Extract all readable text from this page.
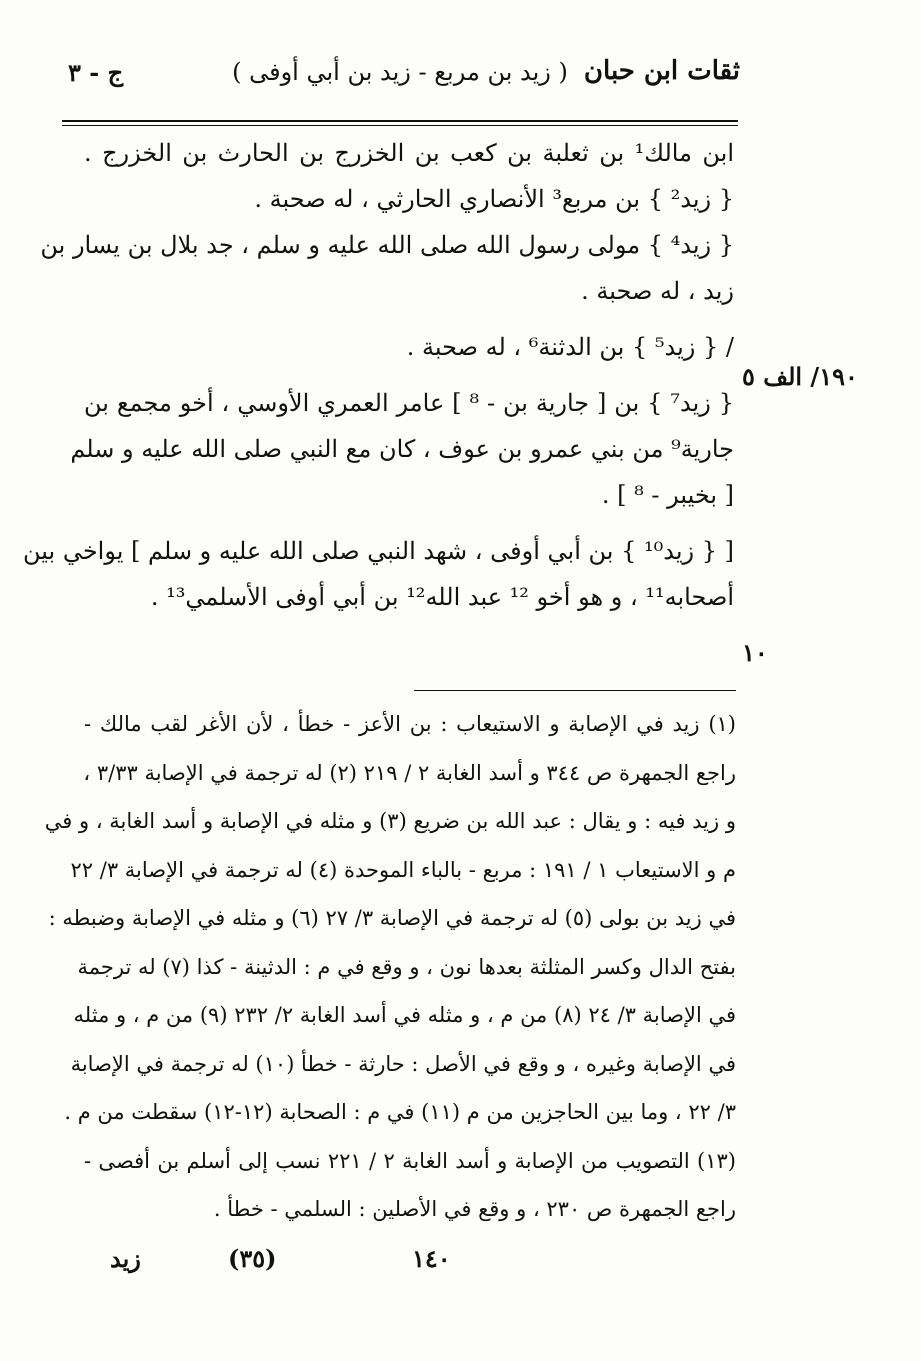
ثقات ابن حبان
( زيد بن مربع - زيد بن أبي أوفى )
ج - ٣
ابن مالك¹ بن ثعلبة بن كعب بن الخزرج بن الحارث بن الخزرج .
{ زيد² } بن مربع³ الأنصاري الحارثي ، له صحبة .
{ زيد⁴ } مولى رسول الله صلى الله عليه و سلم ، جد بلال بن يسار بن
زيد ، له صحبة .
/ { زيد⁵ } بن الدثنة⁶ ، له صحبة .
{ زيد⁷ } بن [ جارية بن - ⁸ ] عامر العمري الأوسي ، أخو مجمع بن
جارية⁹ من بني عمرو بن عوف ، كان مع النبي صلى الله عليه و سلم
[ بخيبر - ⁸ ] .
[ { زيد¹⁰ } بن أبي أوفى ، شهد النبي صلى الله عليه و سلم ] يواخي بين
أصحابه¹¹ ، و هو أخو ¹² عبد الله¹² بن أبي أوفى الأسلمي¹³ .
١٩٠/ الف ٥
١٠
(١) زيد في الإصابة و الاستيعاب : بن الأعز - خطأ ، لأن الأغر لقب مالك -
راجع الجمهرة ص ٣٤٤ و أسد الغابة ٢ / ٢١٩ (٢) له ترجمة في الإصابة ٣/٣٣ ،
و زيد فيه : و يقال : عبد الله بن ضريع (٣) و مثله في الإصابة و أسد الغابة ، و في
م و الاستيعاب ١ / ١٩١ : مربع - بالباء الموحدة (٤) له ترجمة في الإصابة ٣/ ٢٢
في زيد بن بولى (٥) له ترجمة في الإصابة ٣/ ٢٧ (٦) و مثله في الإصابة وضبطه :
بفتح الدال وكسر المثلثة بعدها نون ، و وقع في م : الدثينة - كذا (٧) له ترجمة
في الإصابة ٣/ ٢٤ (٨) من م ، و مثله في أسد الغابة ٢/ ٢٣٢ (٩) من م ، و مثله
في الإصابة وغيره ، و وقع في الأصل : حارثة - خطأ (١٠) له ترجمة في الإصابة
٣/ ٢٢ ، وما بين الحاجزين من م (١١) في م : الصحابة (١٢-١٢) سقطت من م .
(١٣) التصويب من الإصابة و أسد الغابة ٢ / ٢٢١ نسب إلى أسلم بن أفصى -
راجع الجمهرة ص ٢٣٠ ، و وقع في الأصلين : السلمي - خطأ .
زيد	(٣٥)	١٤٠
